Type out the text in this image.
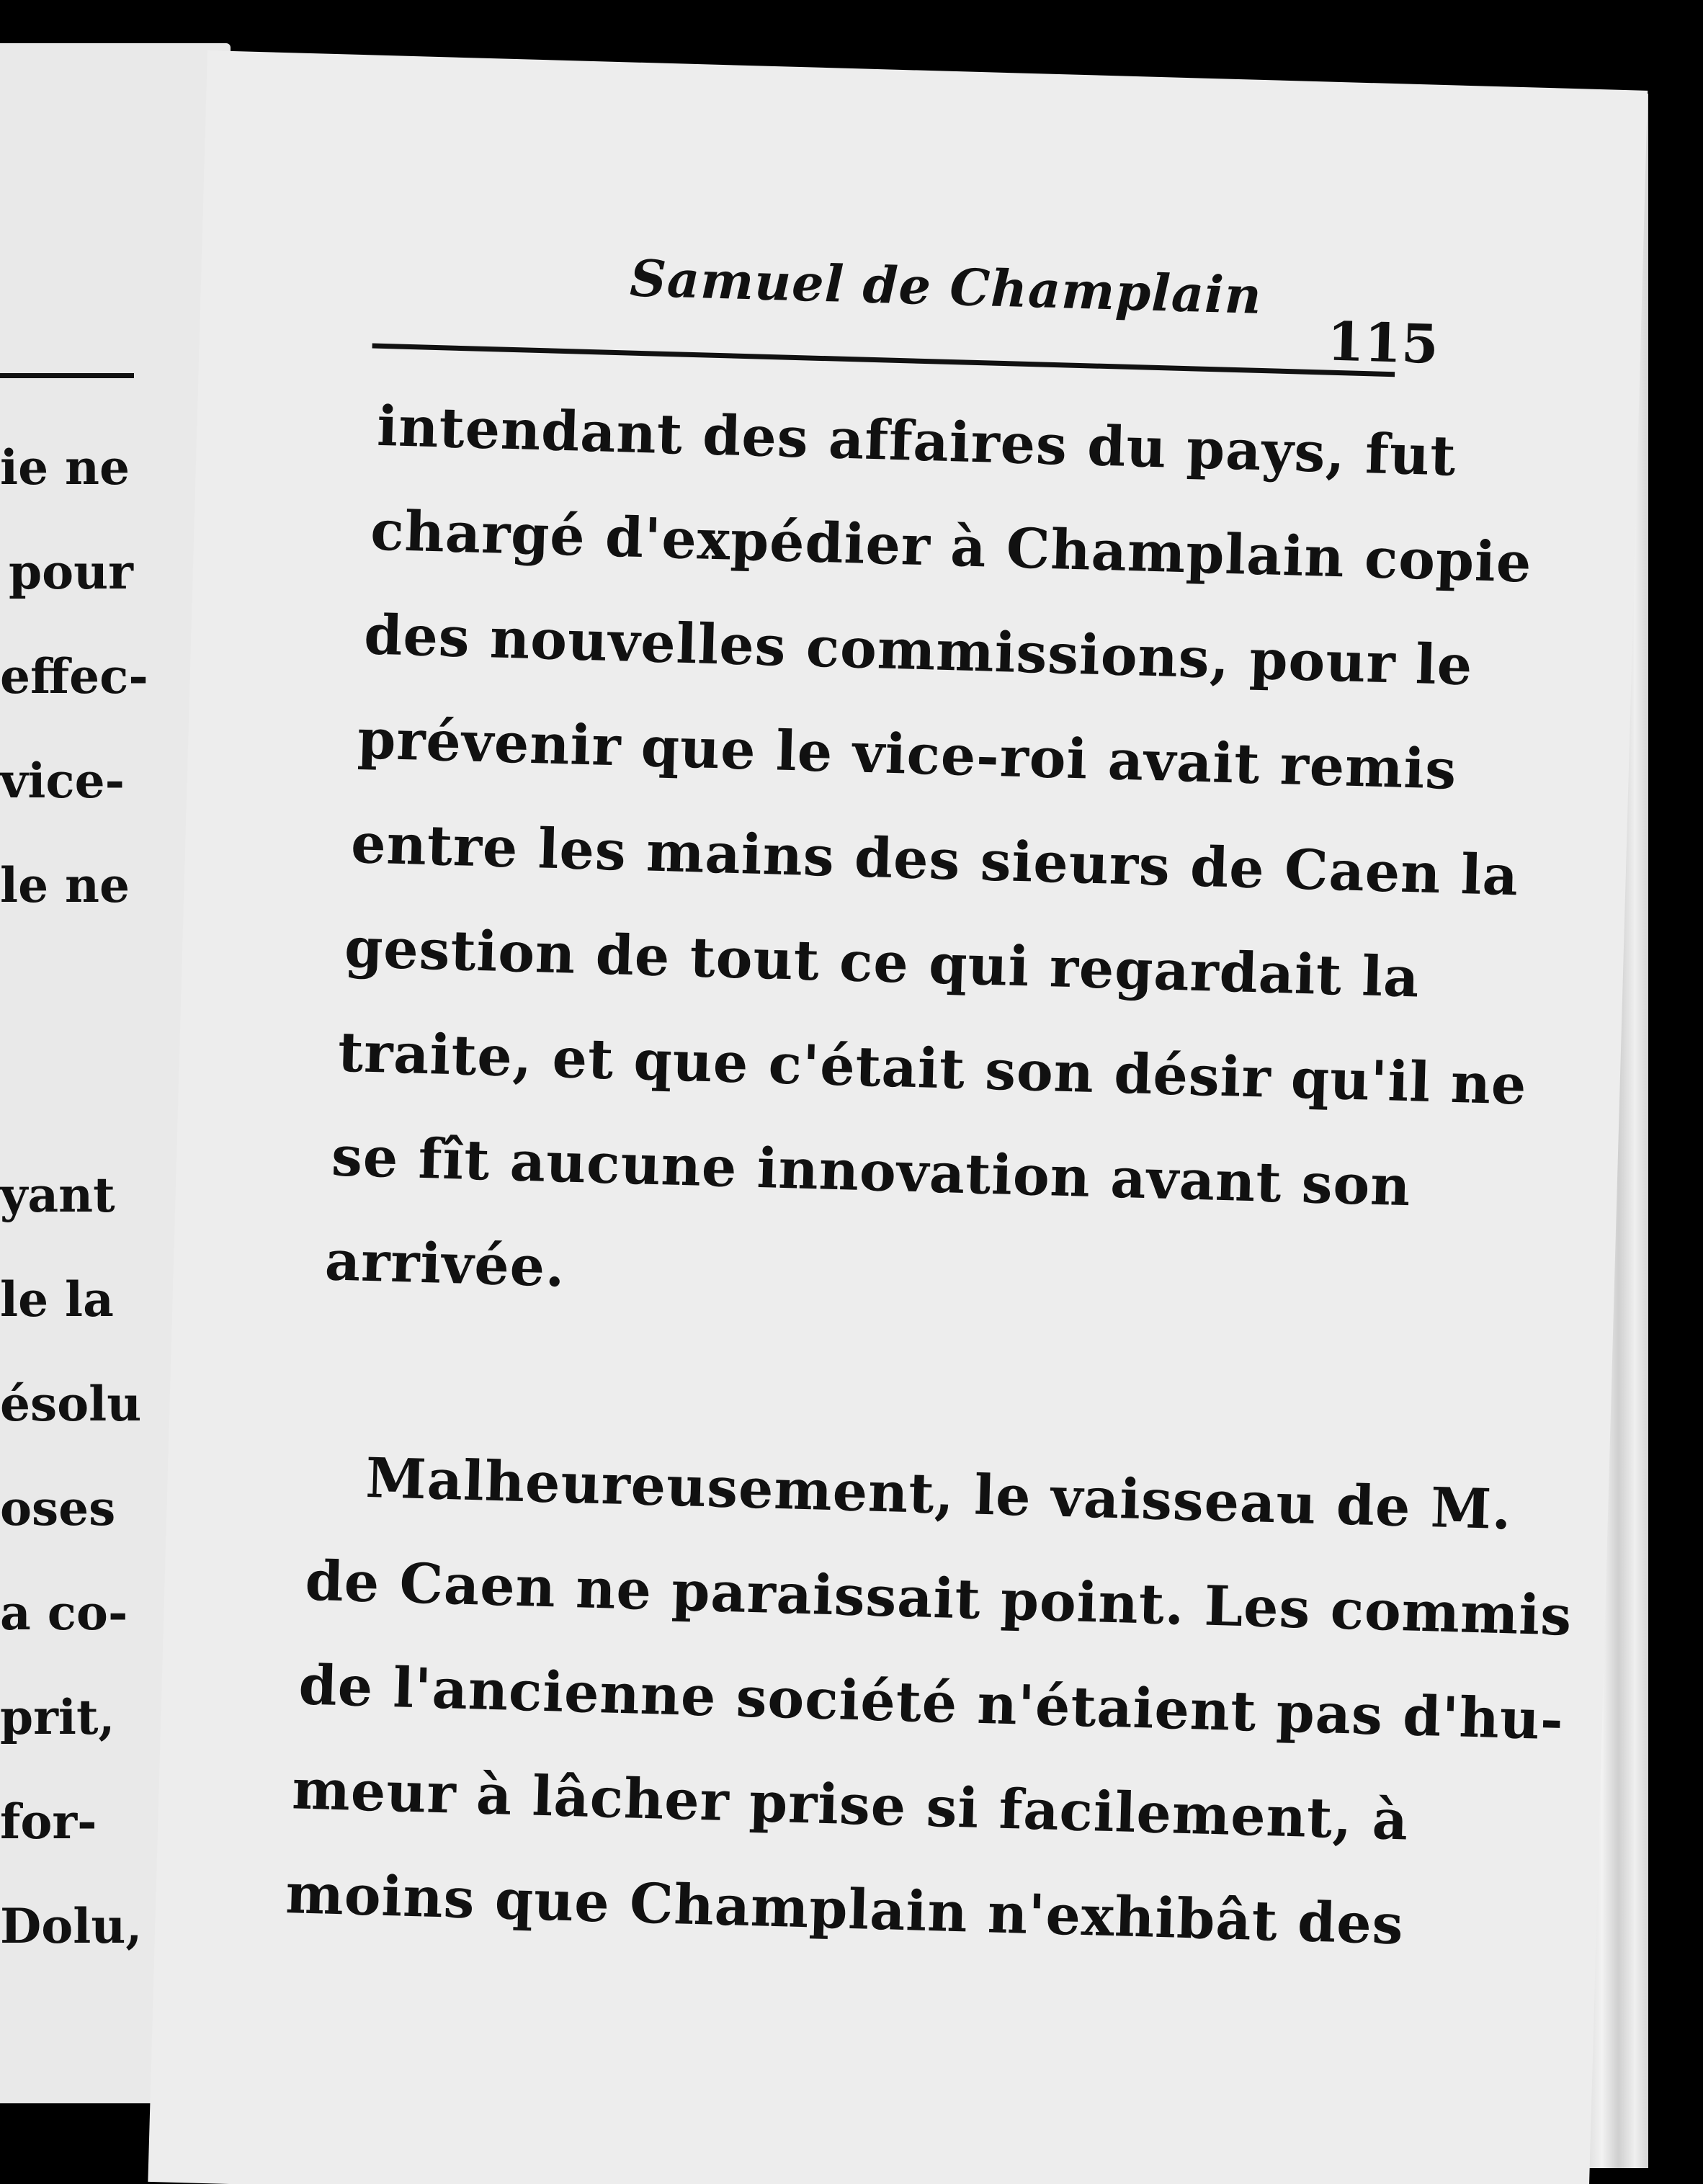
ie ne
pour
effec-
vice-
le ne
yant
le la
ésolu
oses
a co-
prit,
for-
Dolu,
Samuel de Champlain
115
intendant des affaires du pays, fut
chargé d'expédier à Champlain copie
des nouvelles commissions, pour le
prévenir que le vice-roi avait remis
entre les mains des sieurs de Caen la
gestion de tout ce qui regardait la
traite, et que c'était son désir qu'il ne
se fît aucune innovation avant son
arrivée.
Malheureusement, le vaisseau de M.
de Caen ne paraissait point. Les commis
de l'ancienne société n'étaient pas d'hu-
meur à lâcher prise si facilement, à
moins que Champlain n'exhibât des
